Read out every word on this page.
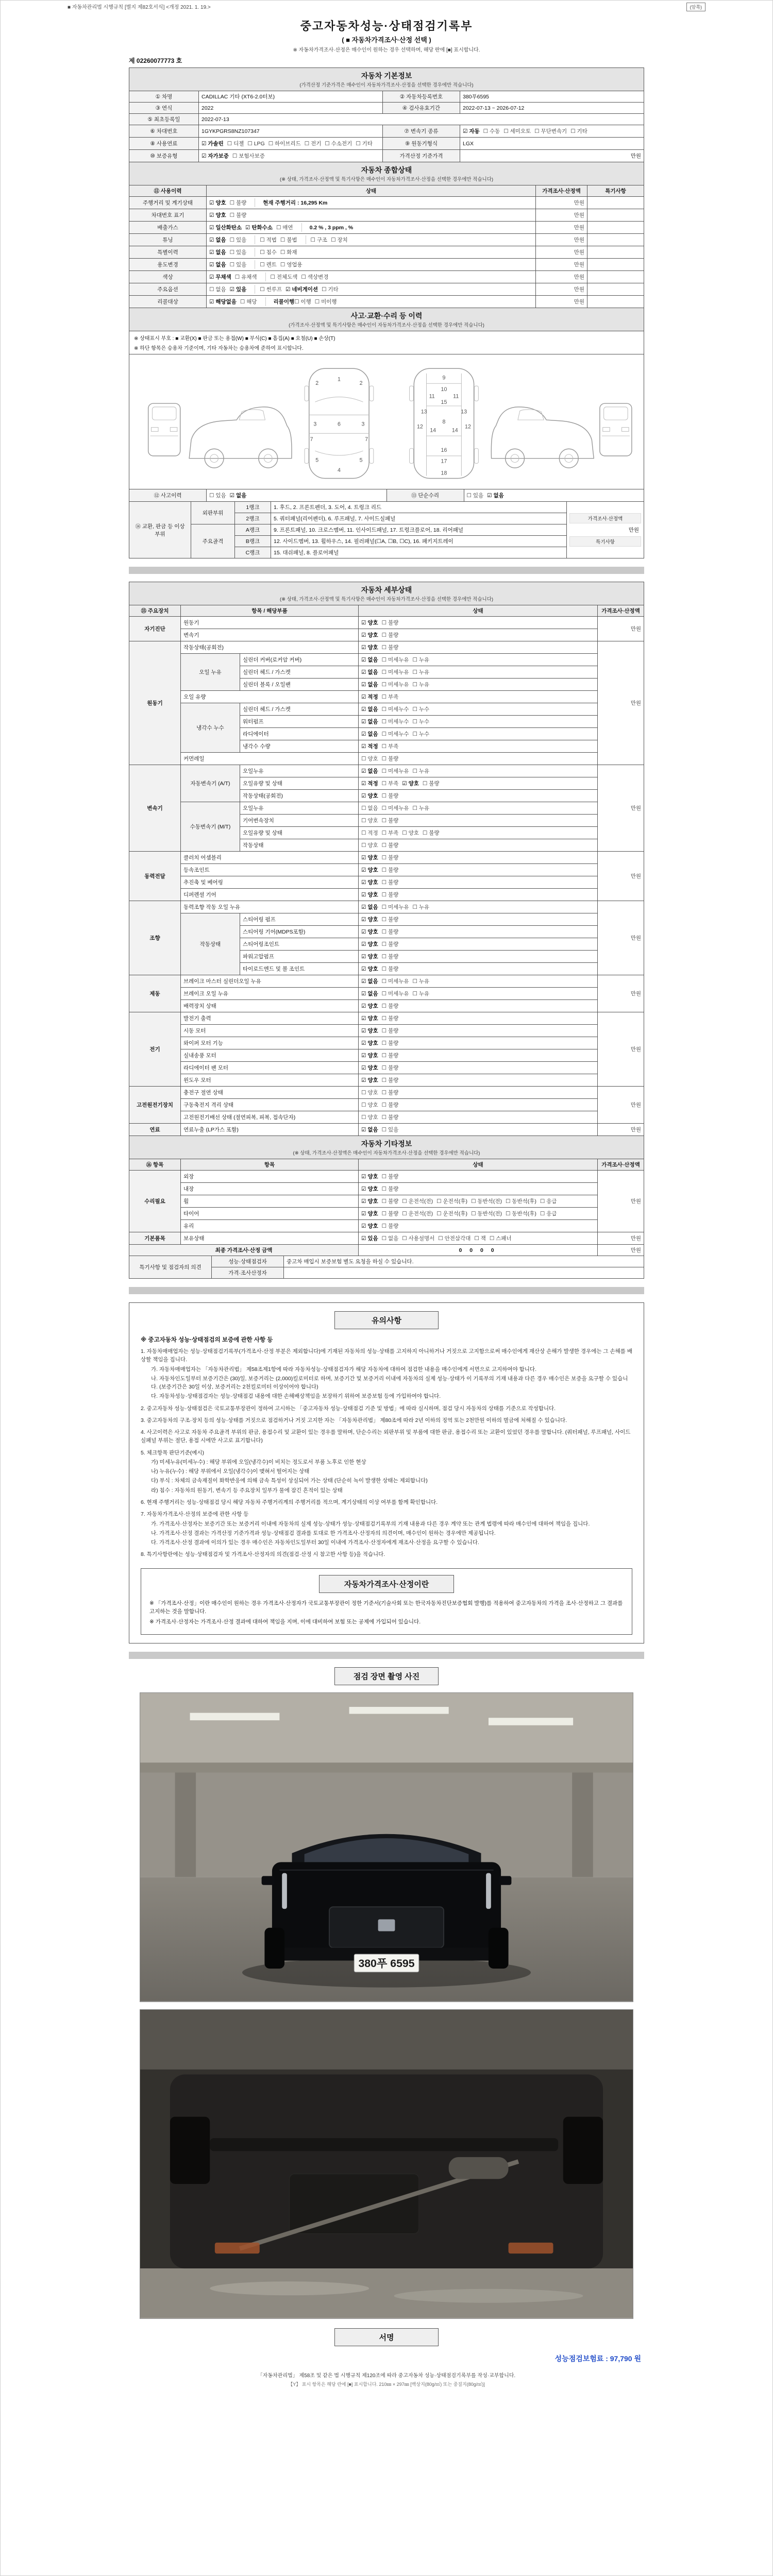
■ 자동차관리법 시행규칙 [별지 제82호서식] <개정 2021. 1. 19.>	(앞쪽)
중고자동차성능·상태점검기록부
( ■ 자동차가격조사·산정 선택 )
※ 자동차가격조사·산정은 매수인이 원하는 경우 선택하며, 해당 란에 [■] 표시합니다.
제 02260077773 호
자동차 기본정보
(가격산정 기준가격은 매수인이 자동차가격조사·산정을 선택한 경우에만 적습니다)			

① 차명	CADILLAC 기타 (XT6-2.0터보)	② 자동차등록번호	380푸6595
③ 연식	2022	④ 검사유효기간	2022-07-13 ~ 2026-07-12
⑤ 최초등록일	2022-07-13		
⑥ 차대번호	1GYKPGRS8NZ107347	⑦ 변속기 종류	☑ 자동 ☐ 수동 ☐ 세미오토 ☐ 무단변속기 ☐ 기타
⑧ 사용연료	☑ 가솔린 ☐ 디젤 ☐ LPG ☐ 하이브리드 ☐ 전기 ☐ 수소전기 ☐ 기타	⑨ 원동기형식	LGX
⑩ 보증유형	☑ 자가보증 ☐ 보험사보증	가격산정 기준가격	만원
자동차 종합상태
(※ 상태, 가격조사·산정액 및 특기사항은 매수인이 자동차가격조사·산정을 선택한 경우에만 적습니다)			

⑪ 사용이력	상태	가격조사·산정액	특기사항
주행거리 및 계기상태	☑ 양호 ☐ 불량 현재 주행거리 : 16,295 Km	만원	
차대번호 표기	☑ 양호 ☐ 불량	만원	
배출가스	☑ 일산화탄소 ☑ 탄화수소 ☐ 매연 0.2 % , 3 ppm , %	만원	
튜닝	☑ 없음 ☐ 있음 ☐ 적법 ☐ 불법 ☐ 구조 ☐ 장치	만원	
특별이력	☑ 없음 ☐ 있음 ☐ 침수 ☐ 화재	만원	
용도변경	☑ 없음 ☐ 있음 ☐ 렌트 ☐ 영업용	만원	
색상	☑ 무채색 ☐ 유채색 ☐ 전체도색 ☐ 색상변경	만원	
주요옵션	☐ 없음 ☑ 있음 ☐ 썬루프 ☑ 네비게이션 ☐ 기타	만원	
리콜대상	☑ 해당없음 ☐ 해당 리콜이행☐ 이행 ☐ 미이행	만원	
사고·교환·수리 등 이력
(가격조사·산정액 및 특기사항은 매수인이 자동차가격조사·산정을 선택한 경우에만 적습니다)

※ 상태표시 부호 : ■ 교환(X) ■ 판금 또는 용접(W) ■ 부식(C) ■ 흠집(A) ■ 요철(U) ■ 손상(T)
※ 하단 항목은 승용차 기준이며, 기타 자동차는 승용차에 준하여 표시합니다.

1
2	2
3	3
4
5	5
6
7	7
9
10
11	11
15
13	13
12	12
14	14
8
16
17
18
⑫ 사고이력	☐ 있음 ☑ 없음	⑬ 단순수리	☐ 있음 ☑ 없음
⑭ 교환, 판금 등 이상 부위	외판부위	1랭크	1. 후드, 2. 프론트펜더, 3. 도어, 4. 트렁크 리드	가격조사·산정액
만원
특기사항

		2랭크	5. 쿼터패널(리어펜더), 6. 루프패널, 7. 사이드실패널	
	주요골격	A랭크	9. 프론트패널, 10. 크로스멤버, 11. 인사이드패널, 17. 트렁크플로어, 18. 리어패널	
		B랭크	12. 사이드멤버, 13. 휠하우스, 14. 필러패널(☐A, ☐B, ☐C), 16. 패키지트레이	
		C랭크	15. 대쉬패널, 8. 플로어패널	
자동차 세부상태
(※ 상태, 가격조사·산정액 및 특기사항은 매수인이 자동차가격조사·산정을 선택한 경우에만 적습니다)				

⑮ 주요장치	항목 / 해당부품		상태	가격조사·산정액
자기진단	원동기		☑ 양호 ☐ 불량	만원
	변속기		☑ 양호 ☐ 불량	
원동기	작동상태(공회전)		☑ 양호 ☐ 불량	만원
	오일 누유	실린더 커버(로커암 커버)	☑ 없음 ☐ 미세누유 ☐ 누유	
		실린더 헤드 / 가스켓	☑ 없음 ☐ 미세누유 ☐ 누유	
		실린더 블록 / 오일팬	☑ 없음 ☐ 미세누유 ☐ 누유	
	오일 유량		☑ 적정 ☐ 부족	
	냉각수 누수	실린더 헤드 / 가스켓	☑ 없음 ☐ 미세누수 ☐ 누수	
		워터펌프	☑ 없음 ☐ 미세누수 ☐ 누수	
		라디에이터	☑ 없음 ☐ 미세누수 ☐ 누수	
		냉각수 수량	☑ 적정 ☐ 부족	
	커먼레일		☐ 양호 ☐ 불량	
변속기	자동변속기 (A/T)	오일누유	☑ 없음 ☐ 미세누유 ☐ 누유	만원
		오일유량 및 상태	☑ 적정 ☐ 부족 ☑ 양호 ☐ 불량	
		작동상태(공회전)	☑ 양호 ☐ 불량	
	수동변속기 (M/T)	오일누유	☐ 없음 ☐ 미세누유 ☐ 누유	
		기어변속장치	☐ 양호 ☐ 불량	
		오일유량 및 상태	☐ 적정 ☐ 부족 ☐ 양호 ☐ 불량	
		작동상태	☐ 양호 ☐ 불량	
동력전달	클러치 어셈블리		☑ 양호 ☐ 불량	만원
	등속조인트		☑ 양호 ☐ 불량	
	추진축 및 베어링		☑ 양호 ☐ 불량	
	디퍼렌셜 기어		☑ 양호 ☐ 불량	
조향	동력조향 작동 오일 누유		☑ 없음 ☐ 미세누유 ☐ 누유	만원
	작동상태	스티어링 펌프	☑ 양호 ☐ 불량	
		스티어링 기어(MDPS포함)	☑ 양호 ☐ 불량	
		스티어링조인트	☑ 양호 ☐ 불량	
		파워고압펌프	☑ 양호 ☐ 불량	
		타이로드엔드 및 볼 조인트	☑ 양호 ☐ 불량	
제동	브레이크 마스터 실린더오일 누유		☑ 없음 ☐ 미세누유 ☐ 누유	만원
	브레이크 오일 누유		☑ 없음 ☐ 미세누유 ☐ 누유	
	배력장치 상태		☑ 양호 ☐ 불량	
전기	발전기 출력		☑ 양호 ☐ 불량	만원
	시동 모터		☑ 양호 ☐ 불량	
	와이퍼 모터 기능		☑ 양호 ☐ 불량	
	실내송풍 모터		☑ 양호 ☐ 불량	
	라디에이터 팬 모터		☑ 양호 ☐ 불량	
	윈도우 모터		☑ 양호 ☐ 불량	
고전원전기장치	충전구 절연 상태		☐ 양호 ☐ 불량	만원
	구동축전지 격리 상태		☐ 양호 ☐ 불량	
	고전원전기배선 상태 (절연피복, 피복, 접속단자)		☐ 양호 ☐ 불량	
연료	연료누출 (LP가스 포함)		☑ 없음 ☐ 있음	만원
자동차 기타정보
(※ 상태, 가격조사·산정액은 매수인이 자동차가격조사·산정을 선택한 경우에만 적습니다)			

⑯ 항목	항목	상태	가격조사·산정액
수리필요	외장	☑ 양호 ☐ 불량	만원
	내장	☑ 양호 ☐ 불량	
	휠	☑ 양호 ☐ 불량 ☐ 운전석(전) ☐ 운전석(후) ☐ 동반석(전) ☐ 동반석(후) ☐ 응급	
	타이어	☑ 양호 ☐ 불량 ☐ 운전석(전) ☐ 운전석(후) ☐ 동반석(전) ☐ 동반석(후) ☐ 응급	
	유리	☑ 양호 ☐ 불량	
기본품목	보유상태	☑ 있음 ☐ 없음 ☐ 사용설명서 ☐ 안전삼각대 ☐ 잭 ☐ 스패너	만원
최종 가격조사·산정 금액	0 0 0 0	만원
특기사항 및 점검자의 의견	성능·상태점검자	중고차 매입시 보증보험 별도 요청을 하실 수 있습니다.
	가격·조사산정자	
유의사항
※ 중고자동차 성능·상태점검의 보증에 관한 사항 등
1. 자동차매매업자는 성능·상태점검기록부(가격조사·산정 부분은 제외합니다)에 기재된 자동차의 성능·상태를 고지하지 아니하거나 거짓으로 고지함으로써 매수인에게 재산상 손해가 발생한 경우에는 그 손해를 배상할 책임을 집니다.
가. 자동차매매업자는 「자동차관리법」 제58조제1항에 따라 자동차성능·상태점검자가 해당 자동차에 대하여 점검한 내용을 매수인에게 서면으로 고지하여야 합니다.
나. 자동차인도일부터 보증기간은 (30)일, 보증거리는 (2,000)킬로미터로 하며, 보증기간 및 보증거리 이내에 자동차의 실제 성능·상태가 이 기록부의 기재 내용과 다른 경우 매수인은 보증을 요구할 수 있습니다. (보증기간은 30일 이상, 보증거리는 2천킬로미터 이상이어야 합니다)
다. 자동차성능·상태점검자는 성능·상태점검 내용에 대한 손해배상책임을 보장하기 위하여 보증보험 등에 가입하여야 합니다.
2. 중고자동차 성능·상태점검은 국토교통부장관이 정하여 고시하는 「중고자동차 성능·상태점검 기준 및 방법」에 따라 실시하며, 점검 당시 자동차의 상태를 기준으로 작성합니다.
3. 중고자동차의 구조·장치 등의 성능·상태를 거짓으로 점검하거나 거짓 고지한 자는 「자동차관리법」 제80조에 따라 2년 이하의 징역 또는 2천만원 이하의 벌금에 처해질 수 있습니다.
4. 사고이력은 사고로 자동차 주요골격 부위의 판금, 용접수리 및 교환이 있는 경우를 말하며, 단순수리는 외판부위 및 부품에 대한 판금, 용접수리 또는 교환이 있었던 경우를 말합니다. (쿼터패널, 루프패널, 사이드실패널 부위는 절단, 용접 시에만 사고로 표기합니다)
5. 체크항목 판단기준(예시)
가) 미세누유(미세누수) : 해당 부위에 오일(냉각수)이 비치는 정도로서 부품 노후로 인한 현상
나) 누유(누수) : 해당 부위에서 오일(냉각수)이 맺혀서 떨어지는 상태
다) 부식 : 차체의 금속재질이 화학반응에 의해 금속 특성이 상실되어 가는 상태 (단순히 녹이 발생한 상태는 제외합니다)
라) 침수 : 자동차의 원동기, 변속기 등 주요장치 일부가 물에 잠긴 흔적이 있는 상태
6. 현재 주행거리는 성능·상태점검 당시 해당 자동차 주행거리계의 주행거리를 적으며, 계기상태의 이상 여부를 함께 확인합니다.
7. 자동차가격조사·산정의 보증에 관한 사항 등
가. 가격조사·산정자는 보증기간 또는 보증거리 이내에 자동차의 실제 성능·상태가 성능·상태점검기록부의 기재 내용과 다른 경우 계약 또는 관계 법령에 따라 매수인에 대하여 책임을 집니다.
나. 가격조사·산정 결과는 가격산정 기준가격과 성능·상태점검 결과를 토대로 한 가격조사·산정자의 의견이며, 매수인이 원하는 경우에만 제공됩니다.
다. 가격조사·산정 결과에 이의가 있는 경우 매수인은 자동차인도일부터 30일 이내에 가격조사·산정자에게 재조사·산정을 요구할 수 있습니다.
8. 특기사항란에는 성능·상태점검자 및 가격조사·산정자의 의견(점검·산정 시 참고한 사항 등)을 적습니다.
자동차가격조사·산정이란
※ 「가격조사·산정」이란 매수인이 원하는 경우 가격조사·산정자가 국토교통부장관이 정한 기준서(기술사회 또는 한국자동차진단보증협회 발행)를 적용하여 중고자동차의 가격을 조사·산정하고 그 결과를 고지하는 것을 말합니다.
※ 가격조사·산정자는 가격조사·산정 결과에 대하여 책임을 지며, 이에 대비하여 보험 또는 공제에 가입되어 있습니다.
점검 장면 촬영 사진
380푸 6595
서명
성능점검보험료 : 97,790 원
「자동차관리법」 제58조 및 같은 법 시행규칙 제120조에 따라 중고자동차 성능·상태점검기록부를 작성·교부합니다.
【Y】 표시 항목은 해당 란에 [■] 표시합니다. 210㎜ × 297㎜ [백상지(80g/㎡) 또는 중질지(80g/㎡)]
